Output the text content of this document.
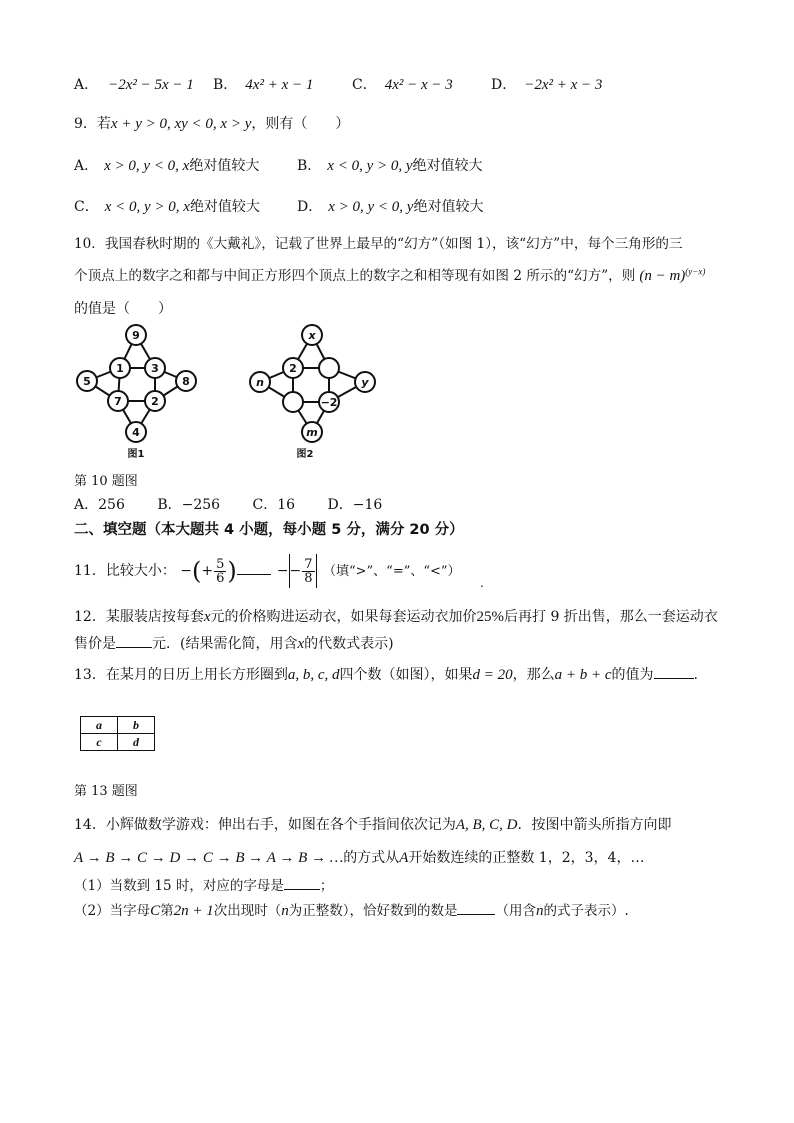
A． −2x² − 5x − 1 B． 4x² + x − 1	C． 4x² − x − 3	D． −2x² + x − 3
9．若x + y > 0, xy < 0, x > y，则有（　　）
A． x > 0, y < 0, x绝对值较大	B． x < 0, y > 0, y绝对值较大
C． x < 0, y > 0, x绝对值较大	D． x > 0, y < 0, y绝对值较大
10．我国春秋时期的《大戴礼》，记载了世界上最早的“幻方”（如图 1），该“幻方”中，每个三角形的三
个顶点上的数字之和都与中间正方形四个顶点上的数字之和相等现有如图 2 所示的“幻方”，则 $(n - m)^{(y-x)}$
的值是（　　）
9
5	8
4
1 3
7	2
图1
x
n	y
m
2
−2
图2
第 10 题图
A．256 B．−256 C．16 D．−16
二、填空题（本大题共 4 小题，每小题 5 分，满分 20 分）
11．比较大小： −(+ $\frac{5}{6}$ )	−− $\frac{7}{8}$ （填“>”、“=”、“<”）
.
12．某服装店按每套x元的价格购进运动衣，如果每套运动衣加价25%后再打 9 折出售，那么一套运动衣
售价是	元．(结果需化简，用含x的代数式表示)
13．在某月的日历上用长方形圈到a, b, c, d四个数（如图），如果d = 20，那么a + b + c的值为	.
a	b
c	d
第 13 题图
14．小辉做数学游戏：伸出右手，如图在各个手指间依次记为A, B, C, D．按图中箭头所指方向即
A → B → C → D → C → B → A → B → …的方式从A开始数连续的正整数 1，2，3，4，…
（1）当数到 15 时，对应的字母是	；
（2）当字母C第2n + 1次出现时（n为正整数），恰好数到的数是	（用含n的式子表示）.
